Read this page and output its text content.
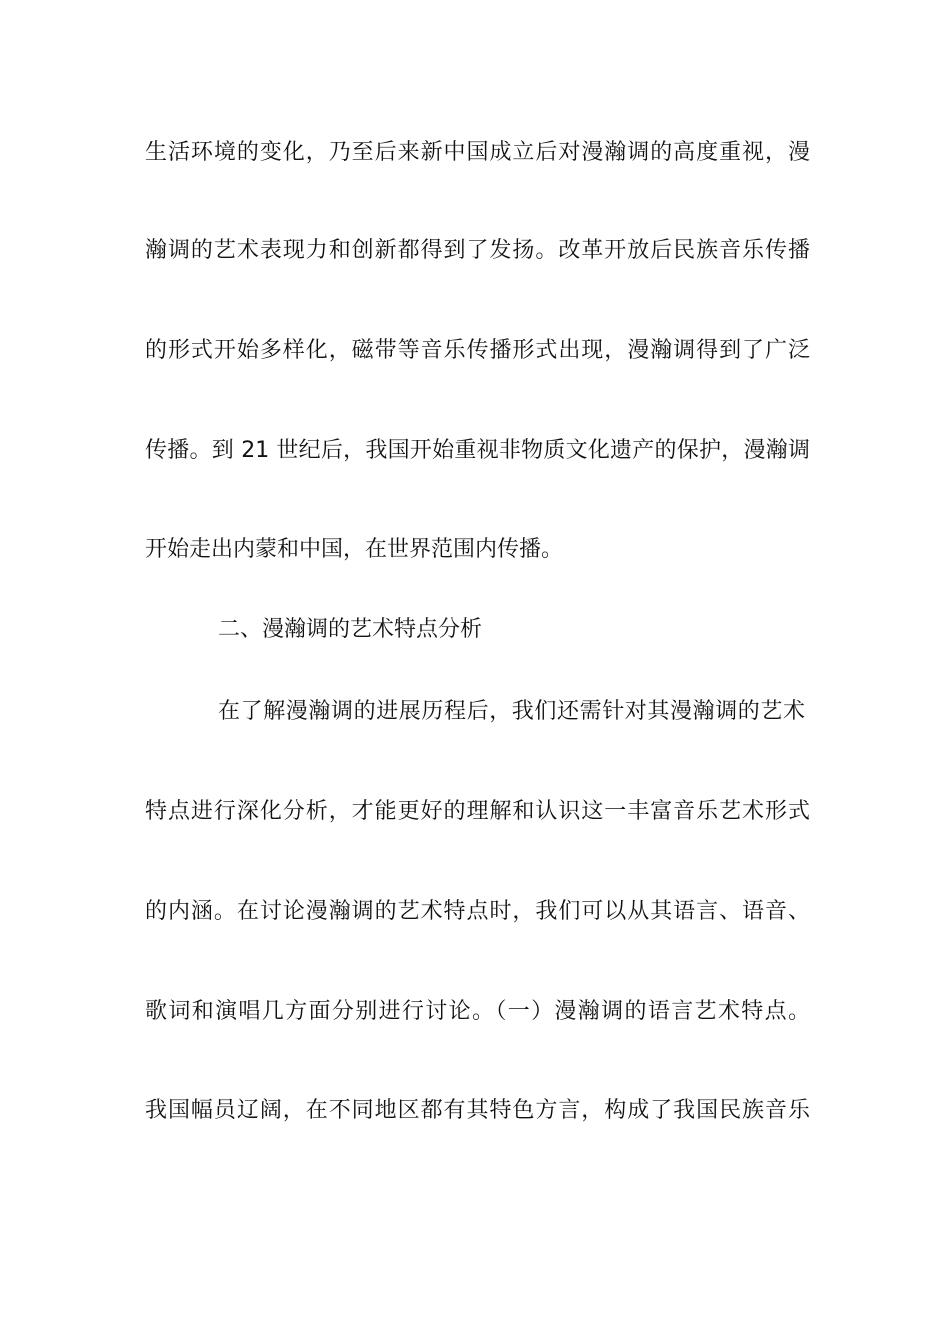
生活环境的变化，乃至后来新中国成立后对漫瀚调的高度重视，漫
瀚调的艺术表现力和创新都得到了发扬。改革开放后民族音乐传播
的形式开始多样化，磁带等音乐传播形式出现，漫瀚调得到了广泛
传播。到 21 世纪后，我国开始重视非物质文化遗产的保护，漫瀚调
开始走出内蒙和中国，在世界范围内传播。
二、漫瀚调的艺术特点分析
在了解漫瀚调的进展历程后，我们还需针对其漫瀚调的艺术
特点进行深化分析，才能更好的理解和认识这一丰富音乐艺术形式
的内涵。在讨论漫瀚调的艺术特点时，我们可以从其语言、语音、
歌词和演唱几方面分别进行讨论。（一）漫瀚调的语言艺术特点。
我国幅员辽阔，在不同地区都有其特色方言，构成了我国民族音乐
